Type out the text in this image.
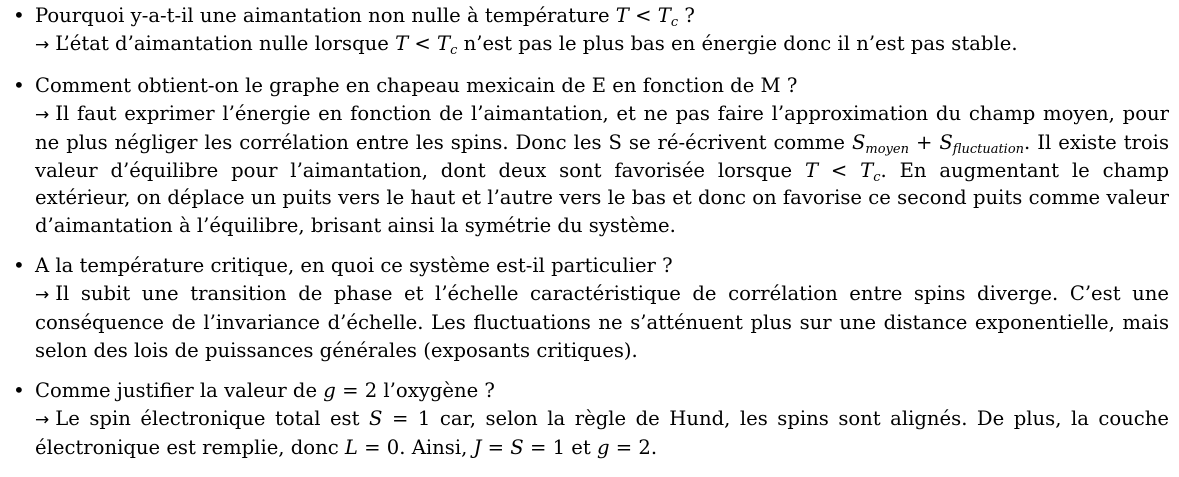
• Pourquoi y-a-t-il une aimantation non nulle à température $T < T_c$ ?
→ L’état d’aimantation nulle lorsque $T < T_c$ n’est pas le plus bas en énergie donc il n’est pas stable.
• Comment obtient-on le graphe en chapeau mexicain de E en fonction de M ?
→ Il faut exprimer l’énergie en fonction de l’aimantation, et ne pas faire l’approximation du champ moyen, pour ne plus négliger les corrélation entre les spins. Donc les S se ré-écrivent comme $S_{moyen} + S_{fluctuation}$. Il existe trois valeur d’équilibre pour l’aimantation, dont deux sont favorisée lorsque $T < T_c$. En augmentant le champ extérieur, on déplace un puits vers le haut et l’autre vers le bas et donc on favorise ce second puits comme valeur d’aimantation à l’équilibre, brisant ainsi la symétrie du système.
• A la température critique, en quoi ce système est-il particulier ?
→ Il subit une transition de phase et l’échelle caractéristique de corrélation entre spins diverge. C’est une conséquence de l’invariance d’échelle. Les fluctuations ne s’atténuent plus sur une distance exponentielle, mais selon des lois de puissances générales (exposants critiques).
• Comme justifier la valeur de g = 2 l’oxygène ?
→ Le spin électronique total est S = 1 car, selon la règle de Hund, les spins sont alignés. De plus, la couche électronique est remplie, donc L = 0. Ainsi, J = S = 1 et g = 2.
